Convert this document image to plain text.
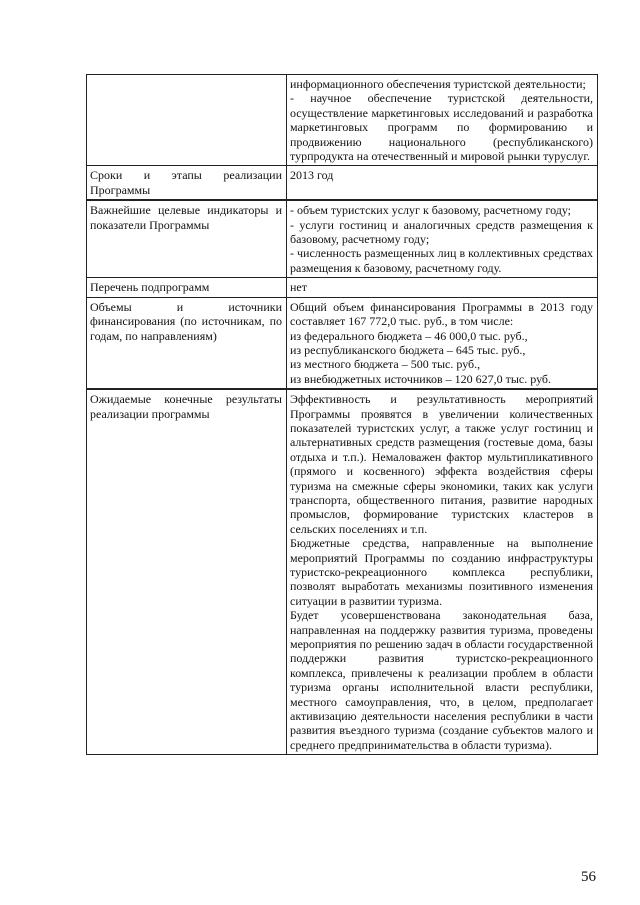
	информационного обеспечения туристской деятельности;
- научное обеспечение туристской деятельности, осуществление маркетинговых исследований и разработка маркетинговых программ по формированию и продвижению национального (республиканского) турпродукта на отечественный и мировой рынки туруслуг.

Сроки и этапы реализации Программы	2013 год

Важнейшие целевые индикаторы и показатели Программы	- объем туристских услуг к базовому, расчетному году;
- услуги гостиниц и аналогичных средств размещения к базовому, расчетному году;
- численность размещенных лиц в коллективных средствах размещения к базовому, расчетному году.

Перечень подпрограмм	нет

Объемы и источники финансирования (по источникам, по годам, по направлениям)	Общий объем финансирования Программы в 2013 году составляет 167 772,0 тыс. руб., в том числе:
из федерального бюджета – 46 000,0 тыс. руб.,
из республиканского бюджета – 645 тыс. руб.,
из местного бюджета – 500 тыс. руб.,
из внебюджетных источников – 120 627,0 тыс. руб.

Ожидаемые конечные результаты реализации программы	Эффективность и результативность мероприятий Программы проявятся в увеличении количественных показателей туристских услуг, а также услуг гостиниц и альтернативных средств размещения (гостевые дома, базы отдыха и т.п.). Немаловажен фактор мультипликативного (прямого и косвенного) эффекта воздействия сферы туризма на смежные сферы экономики, таких как услуги транспорта, общественного питания, развитие народных промыслов, формирование туристских кластеров в сельских поселениях и т.п.
Бюджетные средства, направленные на выполнение мероприятий Программы по созданию инфраструктуры туристско-рекреационного комплекса республики, позволят выработать механизмы позитивного изменения ситуации в развитии туризма.
Будет усовершенствована законодательная база, направленная на поддержку развития туризма, проведены мероприятия по решению задач в области государственной поддержки развития туристско-рекреационного комплекса, привлечены к реализации проблем в области туризма органы исполнительной власти республики, местного самоуправления, что, в целом, предполагает активизацию деятельности населения республики в части развития въездного туризма (создание субъектов малого и среднего предпринимательства в области туризма).
56
